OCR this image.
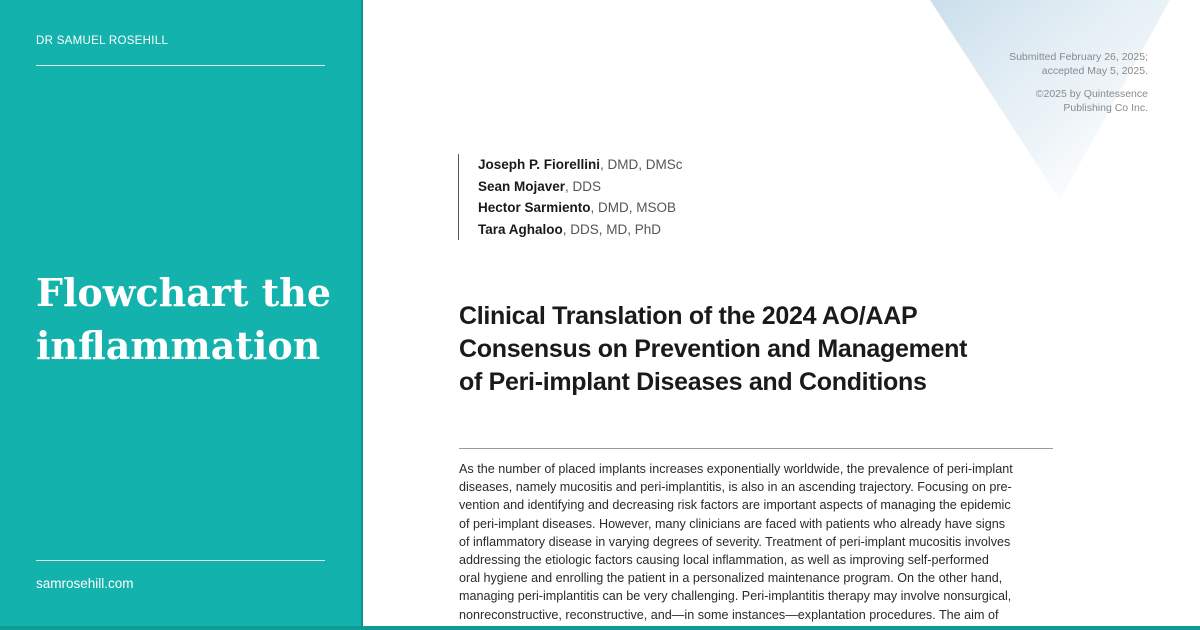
DR SAMUEL ROSEHILL
Flowchart the
inflammation
samrosehill.com
Submitted February 26, 2025;
accepted May 5, 2025.
©2025 by Quintessence
Publishing Co Inc.
Joseph P. Fiorellini, DMD, DMSc
Sean Mojaver, DDS
Hector Sarmiento, DMD, MSOB
Tara Aghaloo, DDS, MD, PhD
Clinical Translation of the 2024 AO/AAP
Consensus on Prevention and Management
of Peri-implant Diseases and Conditions
As the number of placed implants increases exponentially worldwide, the prevalence of peri-implant
diseases, namely mucositis and peri-implantitis, is also in an ascending trajectory. Focusing on pre-
vention and identifying and decreasing risk factors are important aspects of managing the epidemic
of peri-implant diseases. However, many clinicians are faced with patients who already have signs
of inflammatory disease in varying degrees of severity. Treatment of peri-implant mucositis involves
addressing the etiologic factors causing local inflammation, as well as improving self-performed
oral hygiene and enrolling the patient in a personalized maintenance program. On the other hand,
managing peri-implantitis can be very challenging. Peri-implantitis therapy may involve nonsurgical,
nonreconstructive, reconstructive, and—in some instances—explantation procedures. The aim of
